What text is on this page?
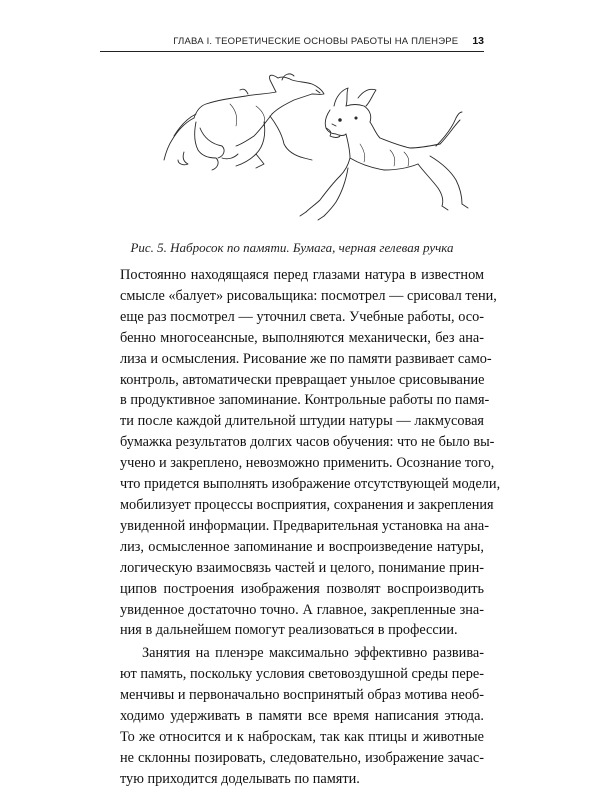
ГЛАВА I. ТЕОРЕТИЧЕСКИЕ ОСНОВЫ РАБОТЫ НА ПЛЕНЭРЕ 13
Рис. 5. Набросок по памяти. Бумага, черная гелевая ручка
Постоянно находящаяся перед глазами натура в известном
смысле «балует» рисовальщика: посмотрел — срисовал тени,
еще раз посмотрел — уточнил света. Учебные работы, осо-
бенно многосеансные, выполняются механически, без ана-
лиза и осмысления. Рисование же по памяти развивает само-
контроль, автоматически превращает унылое срисовывание
в продуктивное запоминание. Контрольные работы по памя-
ти после каждой длительной штудии натуры — лакмусовая
бумажка результатов долгих часов обучения: что не было вы-
учено и закреплено, невозможно применить. Осознание того,
что придется выполнять изображение отсутствующей модели,
мобилизует процессы восприятия, сохранения и закрепления
увиденной информации. Предварительная установка на ана-
лиз, осмысленное запоминание и воспроизведение натуры,
логическую взаимосвязь частей и целого, понимание прин-
ципов построения изображения позволят воспроизводить
увиденное достаточно точно. А главное, закрепленные зна-
ния в дальнейшем помогут реализоваться в профессии.
Занятия на пленэре максимально эффективно развива-
ют память, поскольку условия световоздушной среды пере-
менчивы и первоначально воспринятый образ мотива необ-
ходимо удерживать в памяти все время написания этюда.
То же относится и к наброскам, так как птицы и животные
не склонны позировать, следовательно, изображение зачас-
тую приходится доделывать по памяти.
